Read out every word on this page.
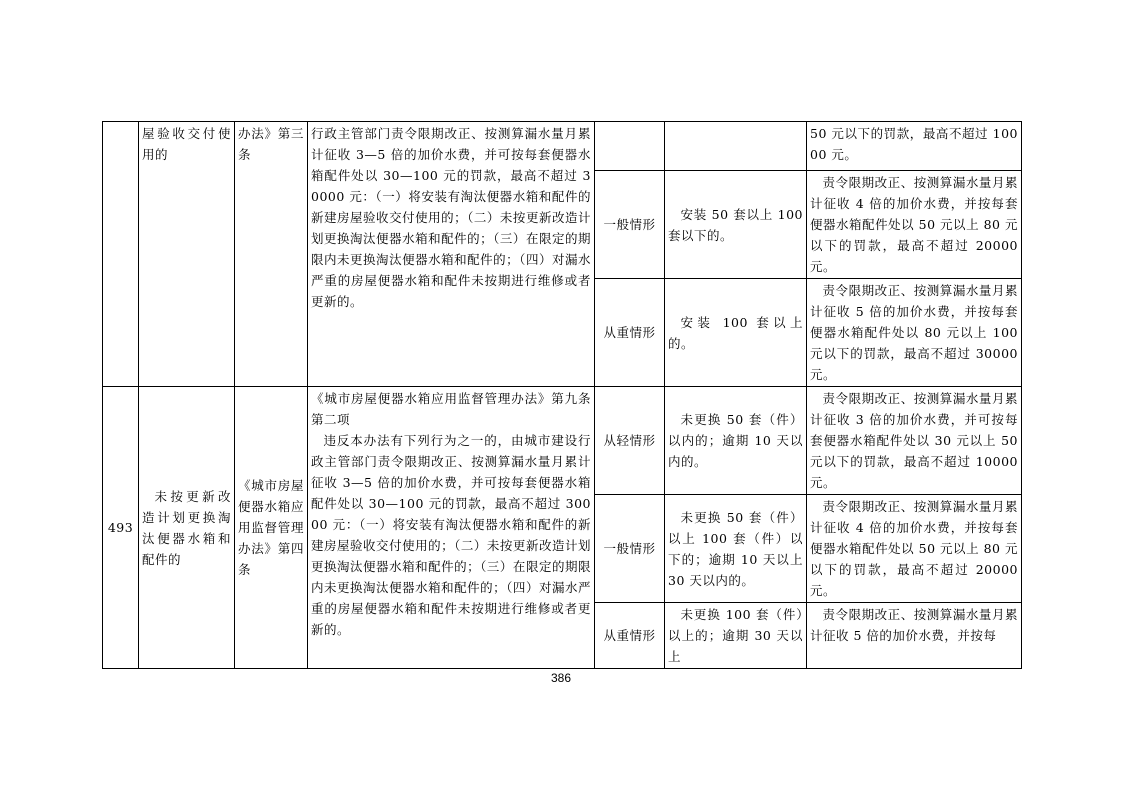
	屋验收交付使用的	办法》第三条	行政主管部门责令限期改正、按测算漏水量月累计征收 3—5 倍的加价水费，并可按每套便器水箱配件处以 30—100 元的罚款，最高不超过 30000 元：（一）将安装有淘汰便器水箱和配件的新建房屋验收交付使用的；（二）未按更新改造计划更换淘汰便器水箱和配件的；（三）在限定的期限内未更换淘汰便器水箱和配件的；（四）对漏水严重的房屋便器水箱和配件未按期进行维修或者更新的。			50 元以下的罚款，最高不超过 10000 元。
				一般情形	安装 50 套以上 100 套以下的。	责令限期改正、按测算漏水量月累计征收 4 倍的加价水费，并按每套便器水箱配件处以 50 元以上 80 元以下的罚款，最高不超过 20000 元。

				从重情形	安装 100 套以上的。	责令限期改正、按测算漏水量月累计征收 5 倍的加价水费，并按每套便器水箱配件处以 80 元以上 100 元以下的罚款，最高不超过 30000 元。

493	未按更新改造计划更换淘汰便器水箱和配件的	《城市房屋便器水箱应用监督管理办法》第四条	《城市房屋便器水箱应用监督管理办法》第九条第二项
违反本办法有下列行为之一的，由城市建设行政主管部门责令限期改正、按测算漏水量月累计征收 3—5 倍的加价水费，并可按每套便器水箱配件处以 30—100 元的罚款，最高不超过 30000 元：（一）将安装有淘汰便器水箱和配件的新建房屋验收交付使用的；（二）未按更新改造计划更换淘汰便器水箱和配件的；（三）在限定的期限内未更换淘汰便器水箱和配件的；（四）对漏水严重的房屋便器水箱和配件未按期进行维修或者更新的。	从轻情形	未更换 50 套（件）以内的；逾期 10 天以内的。	责令限期改正、按测算漏水量月累计征收 3 倍的加价水费，并可按每套便器水箱配件处以 30 元以上 50 元以下的罚款，最高不超过 10000 元。

				一般情形	未更换 50 套（件）以上 100 套（件）以下的；逾期 10 天以上 30 天以内的。	责令限期改正、按测算漏水量月累计征收 4 倍的加价水费，并按每套便器水箱配件处以 50 元以上 80 元以下的罚款，最高不超过 20000 元。

				从重情形	未更换 100 套（件）以上的；逾期 30 天以上	责令限期改正、按测算漏水量月累计征收 5 倍的加价水费，并按每
386
